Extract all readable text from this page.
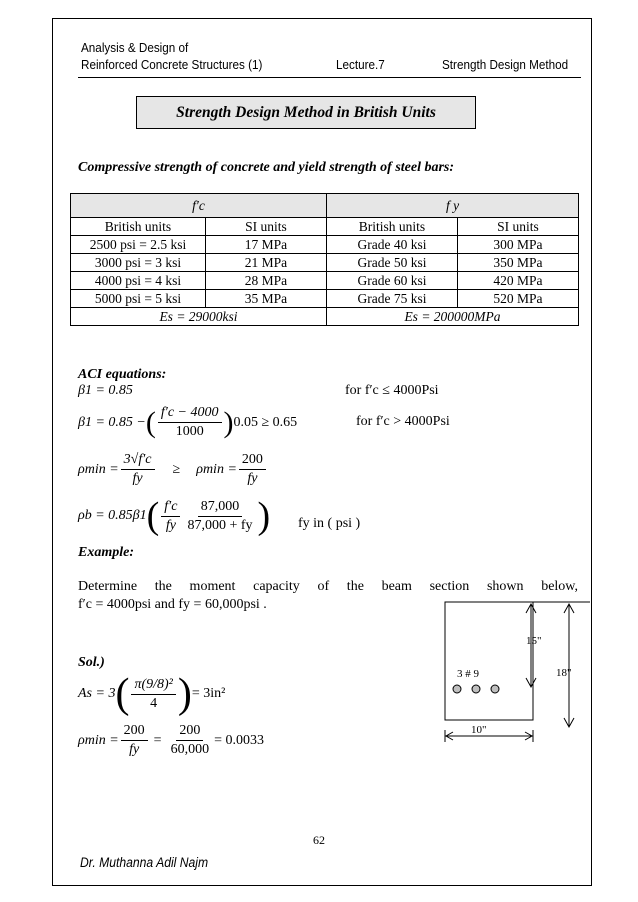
Analysis & Design of
Reinforced Concrete Structures (1)	Lecture.7	Strength Design Method
Strength Design Method in British Units
Compressive strength of concrete and yield strength of steel bars:
f′c		f y	
British units	SI units	British units	SI units
2500 psi = 2.5 ksi	17 MPa	Grade 40 ksi	300 MPa
3000 psi = 3 ksi	21 MPa	Grade 50 ksi	350 MPa
4000 psi = 4 ksi	28 MPa	Grade 60 ksi	420 MPa
5000 psi = 5 ksi	35 MPa	Grade 75 ksi	520 MPa
Es = 29000ksi		Es = 200000MPa	
ACI equations:
β1 = 0.85	for f′c ≤ 4000Psi
β1 = 0.85 − ( $\frac{f'c - 4000}{1000}$ ) 0.05 ≥ 0.65	for f′c > 4000Psi
$\rho\min = \frac{3√f'c}{fy} \ge \rho\min = \frac{200}{fy}$
ρb = 0.85β1 ( $\frac{f'c}{fy} \frac{87,000}{87,000 + fy}$ ) fy in ( psi )
Example:
Determine the moment capacity of the beam section shown below,
f′c = 4000psi and fy = 60,000psi .
Sol.)
As = 3 ( $\frac{\text{π(9/8)²}}{4}$ ) = 3in²
$\rho\min = \frac{200}{fy} = \frac{200}{60,000} = 0.0033$
3 # 9
15"
18"
10"
62
Dr. Muthanna Adil Najm
